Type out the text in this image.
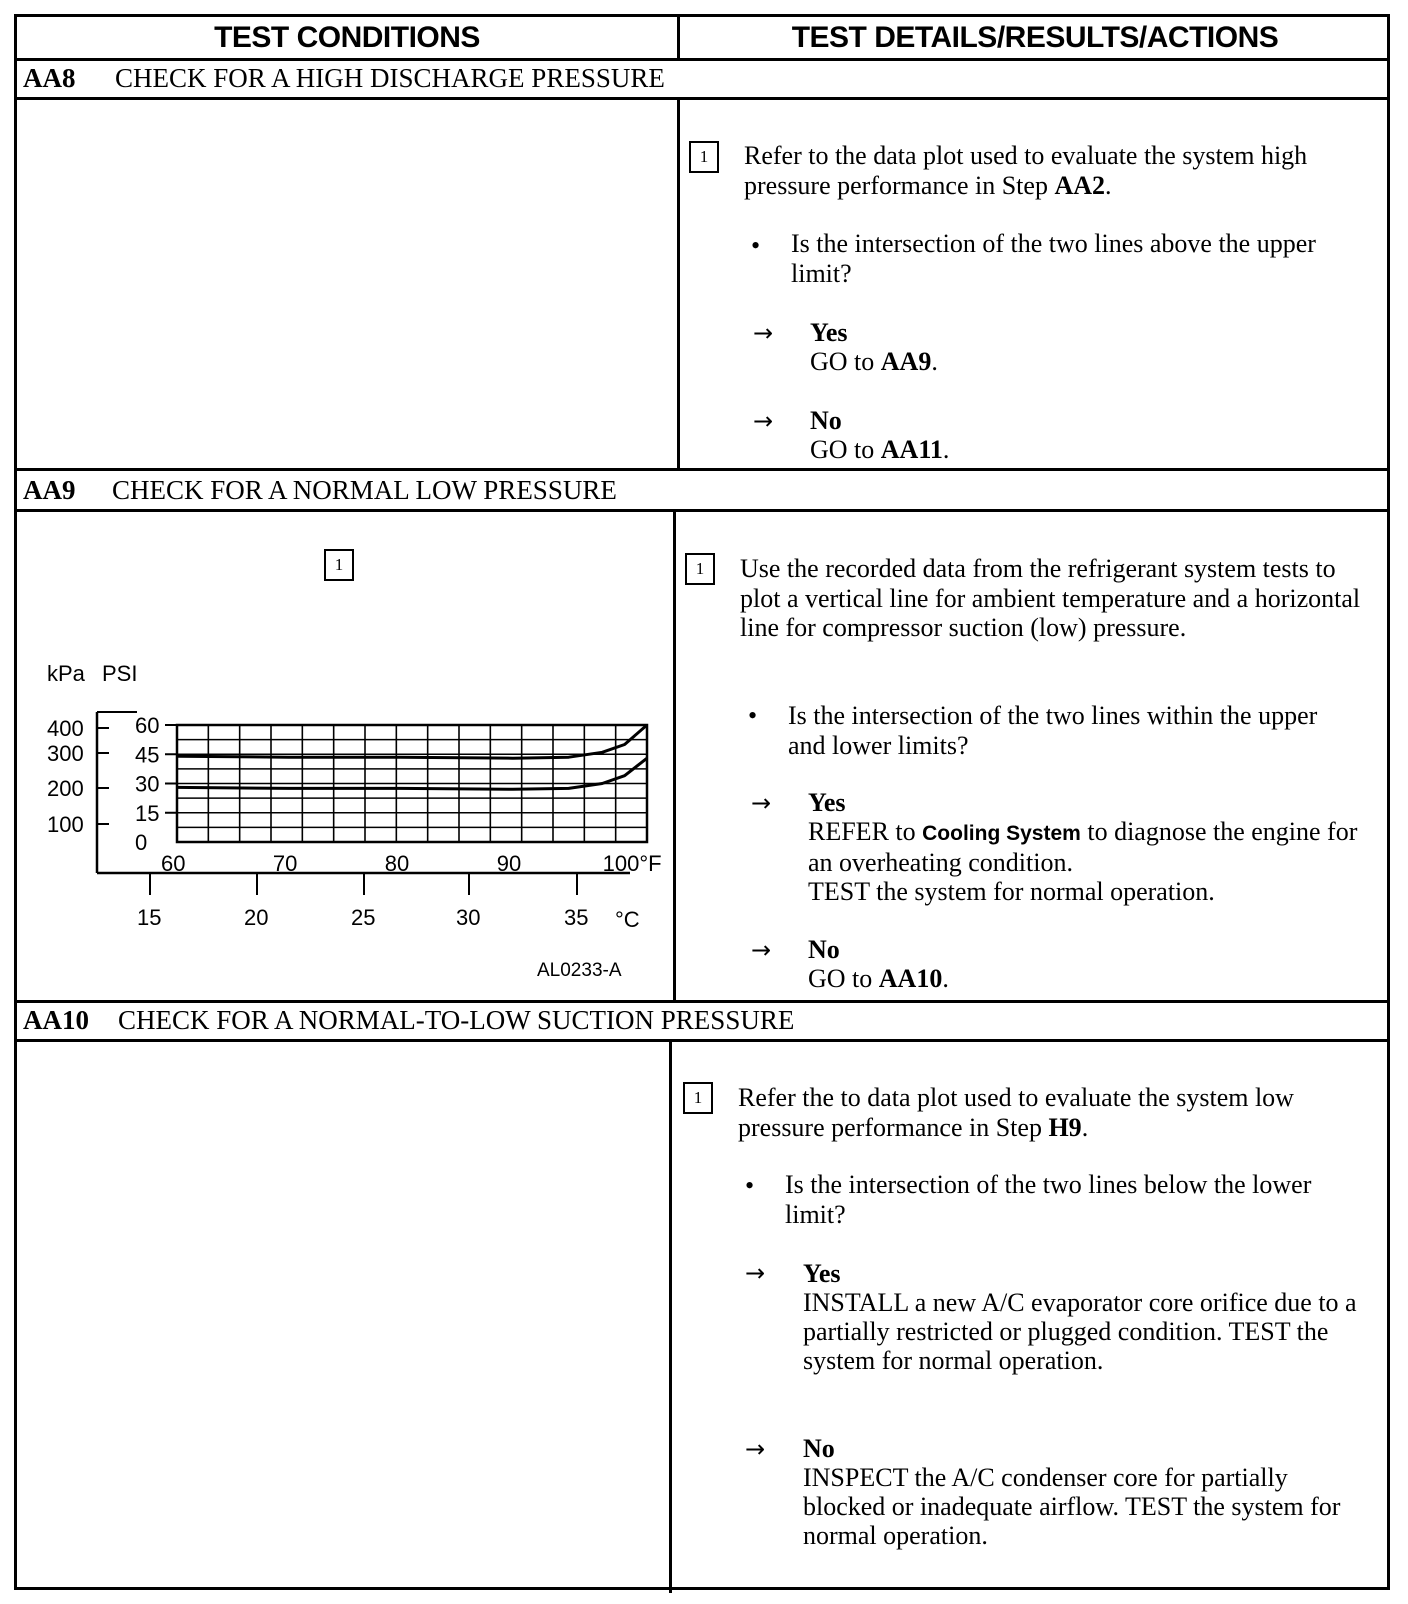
TEST CONDITIONS	TEST DETAILS/RESULTS/ACTIONS
AA8 CHECK FOR A HIGH DISCHARGE PRESSURE
1	Refer to the data plot used to evaluate the system high pressure performance in Step AA2.
• Is the intersection of the two lines above the upper limit?
→ Yes
GO to AA9.
→ No
GO to AA11.
AA9 CHECK FOR A NORMAL LOW PRESSURE
1
kPa PSI
400
300
200
100
60
45
30
15
0
60	70	80	90	100°F
15	20	25	30	35 °C
AL0233-A
1	Use the recorded data from the refrigerant system tests to plot a vertical line for ambient temperature and a horizontal line for compressor suction (low) pressure.
• Is the intersection of the two lines within the upper and lower limits?
→ Yes
REFER to Cooling System to diagnose the engine for an overheating condition.
TEST the system for normal operation.
→ No
GO to AA10.
AA10 CHECK FOR A NORMAL-TO-LOW SUCTION PRESSURE
1	Refer the to data plot used to evaluate the system low pressure performance in Step H9.
• Is the intersection of the two lines below the lower limit?
→ Yes
INSTALL a new A/C evaporator core orifice due to a partially restricted or plugged condition. TEST the system for normal operation.
→ No
INSPECT the A/C condenser core for partially blocked or inadequate airflow. TEST the system for normal operation.
